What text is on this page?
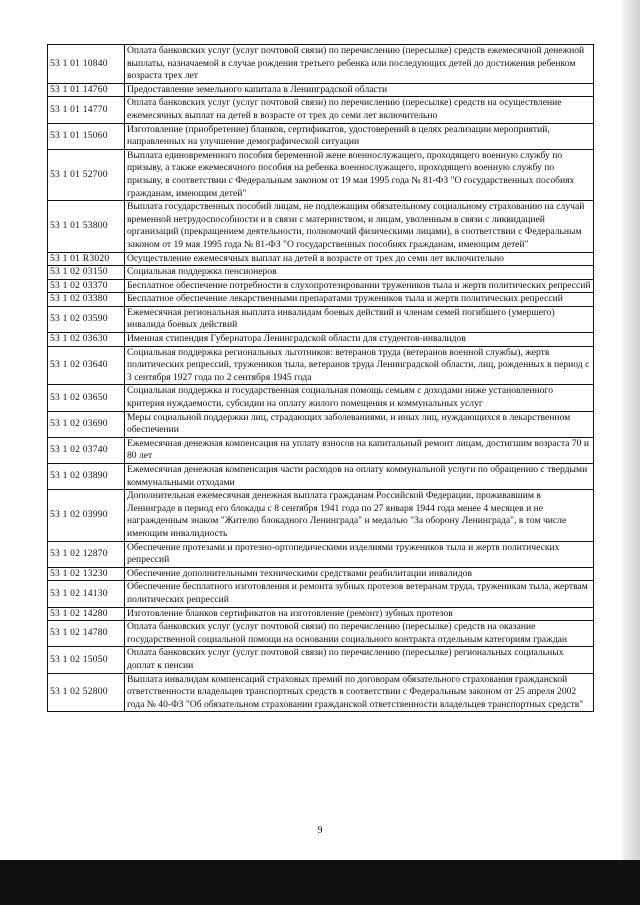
53 1 01 10840	Оплата банковских услуг (услуг почтовой связи) по перечислению (пересылке) средств ежемесячной денежной выплаты, назначаемой в случае рождения третьего ребенка или последующих детей до достижения ребенком возраста трех лет
53 1 01 14760	Предоставление земельного капитала в Ленинградской области
53 1 01 14770	Оплата банковских услуг (услуг почтовой связи) по перечислению (пересылке) средств на осуществление ежемесячных выплат на детей в возрасте от трех до семи лет включительно
53 1 01 15060	Изготовление (приобретение) бланков, сертификатов, удостоверений в целях реализации мероприятий, направленных на улучшение демографической ситуации
53 1 01 52700	Выплата единовременного пособия беременной жене военнослужащего, проходящего военную службу по призыву, а также ежемесячного пособия на ребенка военнослужащего, проходящего военную службу по призыву, в соответствии с Федеральным законом от 19 мая 1995 года № 81-ФЗ "О государственных пособиях гражданам, имеющим детей"
53 1 01 53800	Выплата государственных пособий лицам, не подлежащим обязательному социальному страхованию на случай временной нетрудоспособности и в связи с материнством, и лицам, уволенным в связи с ликвидацией организаций (прекращением деятельности, полномочий физическими лицами), в соответствии с Федеральным законом от 19 мая 1995 года № 81-ФЗ "О государственных пособиях гражданам, имеющим детей"
53 1 01 R3020	Осуществление ежемесячных выплат на детей в возрасте от трех до семи лет включительно
53 1 02 03150	Социальная поддержка пенсионеров
53 1 02 03370	Бесплатное обеспечение потребности в слухопротезировании тружеников тыла и жертв политических репрессий
53 1 02 03380	Бесплатное обеспечение лекарственными препаратами тружеников тыла и жертв политических репрессий
53 1 02 03590	Ежемесячная региональная выплата инвалидам боевых действий и членам семей погибшего (умершего) инвалида боевых действий
53 1 02 03630	Именная стипендия Губернатора Ленинградской области для студентов-инвалидов
53 1 02 03640	Социальная поддержка региональных льготников: ветеранов труда (ветеранов военной службы), жертв политических репрессий, тружеников тыла, ветеранов труда Ленинградской области, лиц, рожденных в период с 3 сентября 1927 года по 2 сентября 1945 года
53 1 02 03650	Социальная поддержка и государственная социальная помощь семьям с доходами ниже установленного критерия нуждаемости, субсидии на оплату жилого помещения и коммунальных услуг
53 1 02 03690	Меры социальной поддержки лиц, страдающих заболеваниями, и иных лиц, нуждающихся в лекарственном обеспечении
53 1 02 03740	Ежемесячная денежная компенсация на уплату взносов на капитальный ремонт лицам, достигшим возраста 70 и 80 лет
53 1 02 03890	Ежемесячная денежная компенсация части расходов на оплату коммунальной услуги по обращению с твердыми коммунальными отходами
53 1 02 03990	Дополнительная ежемесячная денежная выплата гражданам Российской Федерации, проживавшим в Ленинграде в период его блокады с 8 сентября 1941 года по 27 января 1944 года менее 4 месяцев и не награжденным знаком "Жителю блокадного Ленинграда" и медалью "За оборону Ленинграда", в том числе имеющим инвалидность
53 1 02 12870	Обеспечение протезами и протезно-ортопедическими изделиями тружеников тыла и жертв политических репрессий
53 1 02 13230	Обеспечение дополнительными техническими средствами реабилитации инвалидов
53 1 02 14130	Обеспечение бесплатного изготовления и ремонта зубных протезов ветеранам труда, труженикам тыла, жертвам политических репрессий
53 1 02 14280	Изготовление бланков сертификатов на изготовление (ремонт) зубных протезов
53 1 02 14780	Оплата банковских услуг (услуг почтовой связи) по перечислению (пересылке) средств на оказание государственной социальной помощи на основании социального контракта отдельным категориям граждан
53 1 02 15050	Оплата банковских услуг (услуг почтовой связи) по перечислению (пересылке) региональных социальных доплат к пенсии
53 1 02 52800	Выплата инвалидам компенсаций страховых премий по договорам обязательного страхования гражданской ответственности владельцев транспортных средств в соответствии с Федеральным законом от 25 апреля 2002 года № 40-ФЗ "Об обязательном страховании гражданской ответственности владельцев транспортных средств"
9
